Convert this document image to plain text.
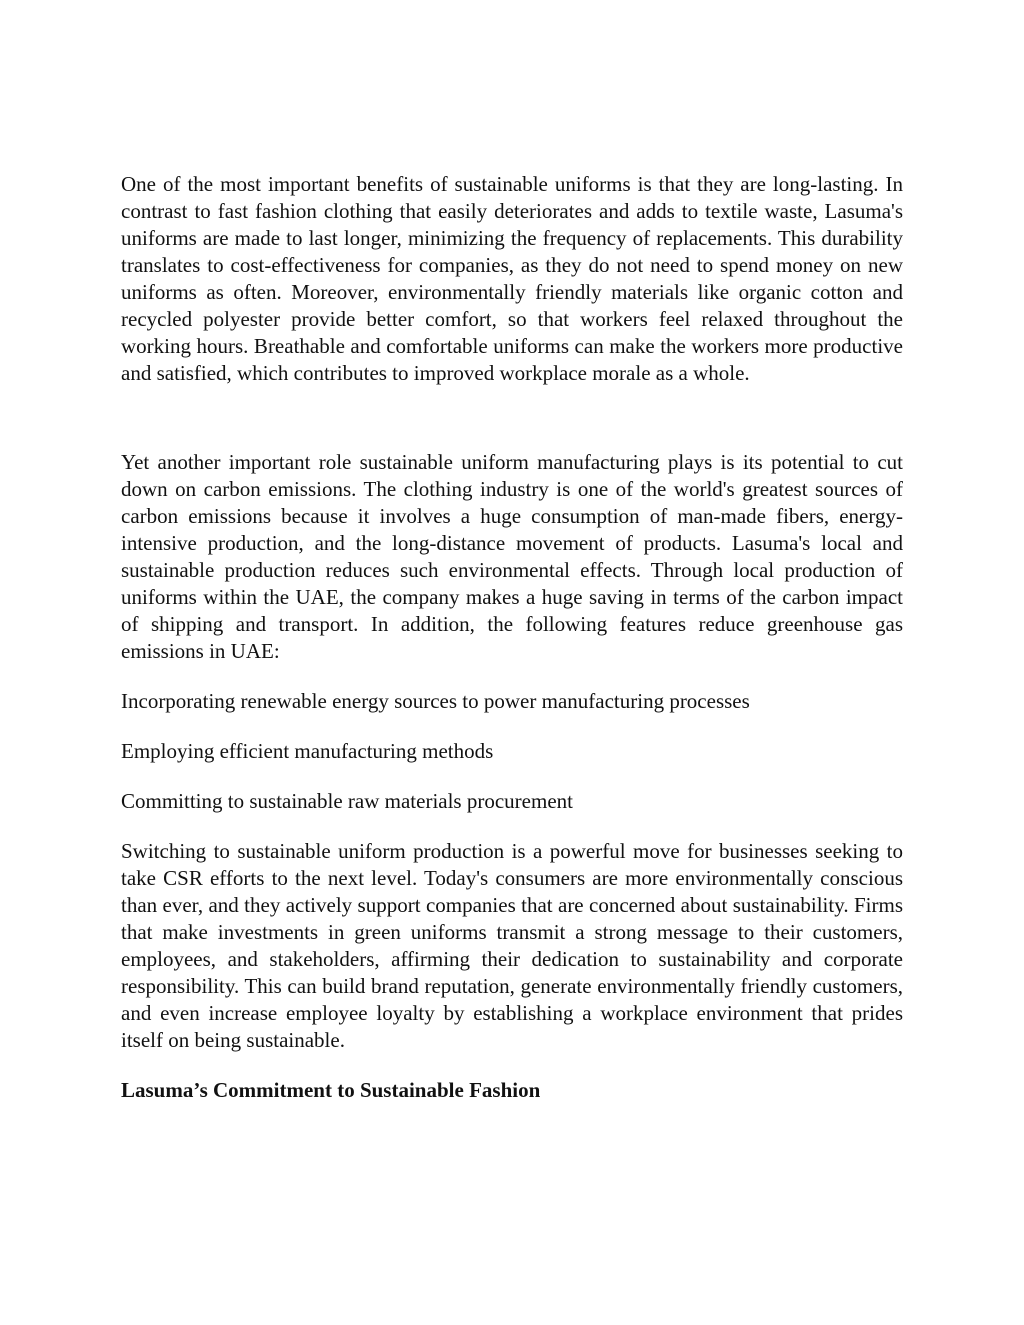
One of the most important benefits of sustainable uniforms is that they are long-lasting. In contrast to fast fashion clothing that easily deteriorates and adds to textile waste, Lasuma's uniforms are made to last longer, minimizing the frequency of replacements. This durability translates to cost-effectiveness for companies, as they do not need to spend money on new uniforms as often. Moreover, environmentally friendly materials like organic cotton and recycled polyester provide better comfort, so that workers feel relaxed throughout the working hours. Breathable and comfortable uniforms can make the workers more productive and satisfied, which contributes to improved workplace morale as a whole.

Yet another important role sustainable uniform manufacturing plays is its potential to cut down on carbon emissions. The clothing industry is one of the world's greatest sources of carbon emissions because it involves a huge consumption of man-made fibers, energy-intensive production, and the long-distance movement of products. Lasuma's local and sustainable production reduces such environmental effects. Through local production of uniforms within the UAE, the company makes a huge saving in terms of the carbon impact of shipping and transport. In addition, the following features reduce greenhouse gas emissions in UAE:

Incorporating renewable energy sources to power manufacturing processes

Employing efficient manufacturing methods

Committing to sustainable raw materials procurement

Switching to sustainable uniform production is a powerful move for businesses seeking to take CSR efforts to the next level. Today's consumers are more environmentally conscious than ever, and they actively support companies that are concerned about sustainability. Firms that make investments in green uniforms transmit a strong message to their customers, employees, and stakeholders, affirming their dedication to sustainability and corporate responsibility. This can build brand reputation, generate environmentally friendly customers, and even increase employee loyalty by establishing a workplace environment that prides itself on being sustainable.

Lasuma’s Commitment to Sustainable Fashion
